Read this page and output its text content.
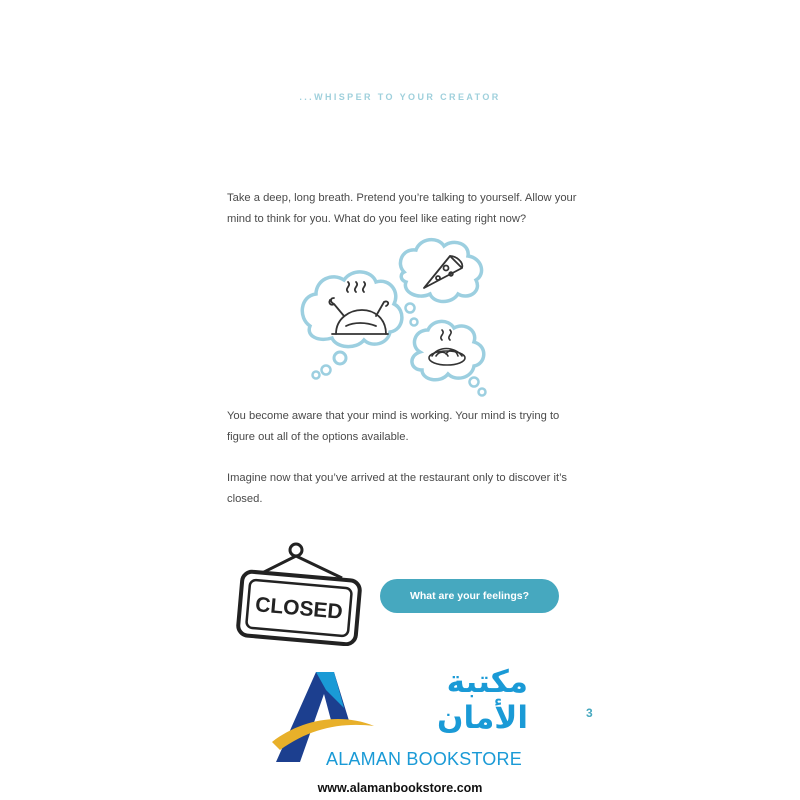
...WHISPER TO YOUR CREATOR

Take a deep, long breath. Pretend you’re talking to yourself. Allow your mind to think for you. What do you feel like eating right now?

You become aware that your mind is working. Your mind is trying to figure out all of the options available.

Imagine now that you’ve arrived at the restaurant only to discover it’s closed.

CLOSED	What are your feelings?
3
مكتبة
الأمان
ALAMAN BOOKSTORE
www.alamanbookstore.com
